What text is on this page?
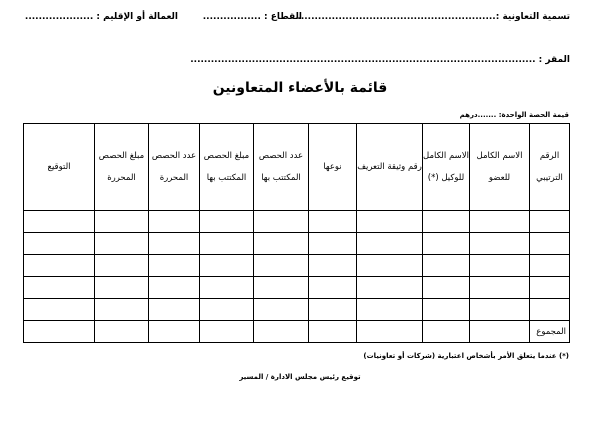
تسمية التعاونية :..........................................................
القطاع : .................
العمالة أو الإقليم : ....................
المقر : .....................................................................................................
قائمة بالأعضاء المتعاونين
قيمة الحصة الواحدة: .......درهم
الرقم الترتيبي	الاسم الكامل للعضو	الاسم الكامل للوكيل (*)	رقم وثيقة التعريف	نوعها	عدد الحصص المكتتب بها	مبلغ الحصص المكتتب بها	عدد الحصص المحررة	مبلغ الحصص المحررة	التوقيع

المجموع									
(*) عندما يتعلق الأمر بأشخاص اعتبارية (شركات أو تعاونيات)
توقيع رئيس مجلس الادارة / المسير
